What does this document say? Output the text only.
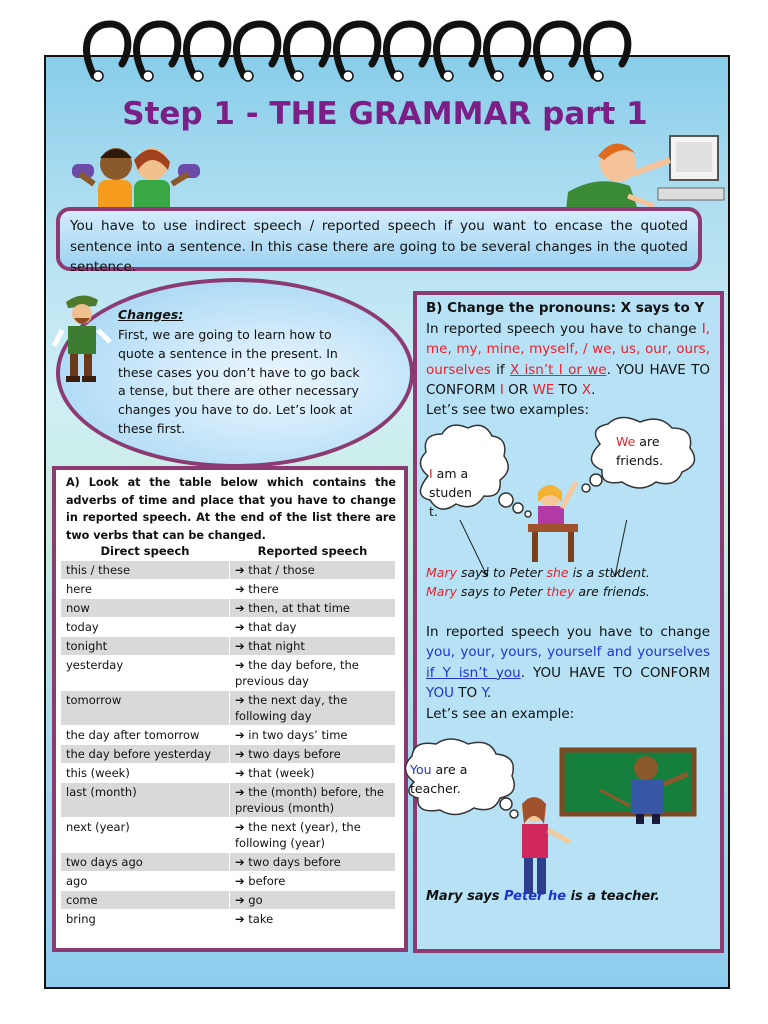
Step 1 - THE GRAMMAR part 1

You have to use indirect speech / reported speech if you want to encase the quoted sentence into a sentence. In this case there are going to be several changes in the quoted sentence.

Changes:
First, we are going to learn how to quote a sentence in the present. In these cases you don’t have to go back a tense, but there are other necessary changes you have to do. Let’s look at these first.
A) Look at the table below which contains the adverbs of time and place that you have to change in reported speech. At the end of the list there are two verbs that can be changed.
Direct speech	Reported speech
this / these	➔ that / those
here	➔ there
now	➔ then, at that time
today	➔ that day
tonight	➔ that night
yesterday	➔ the day before, the previous day
tomorrow	➔ the next day, the following day
the day after tomorrow	➔ in two days’ time
the day before yesterday	➔ two days before
this (week)	➔ that (week)
last (month)	➔ the (month) before, the previous (month)
next (year)	➔ the next (year), the following (year)
two days ago	➔ two days before
ago	➔ before
come	➔ go
bring	➔ take
B) Change the pronouns: X says to Y
In reported speech you have to change I, me, my, mine, myself, / we, us, our, ours, ourselves if X isn’t I or we. YOU HAVE TO CONFORM I OR WE TO X.
Let’s see two examples:
I am a studen t.
We are friends.
Mary says to Peter she is a student.
Mary says to Peter they are friends.
In reported speech you have to change you, your, yours, yourself and yourselves if Y isn’t you. YOU HAVE TO CONFORM YOU TO Y.
Let’s see an example:
You are a teacher.
Mary says Peter he is a teacher.
